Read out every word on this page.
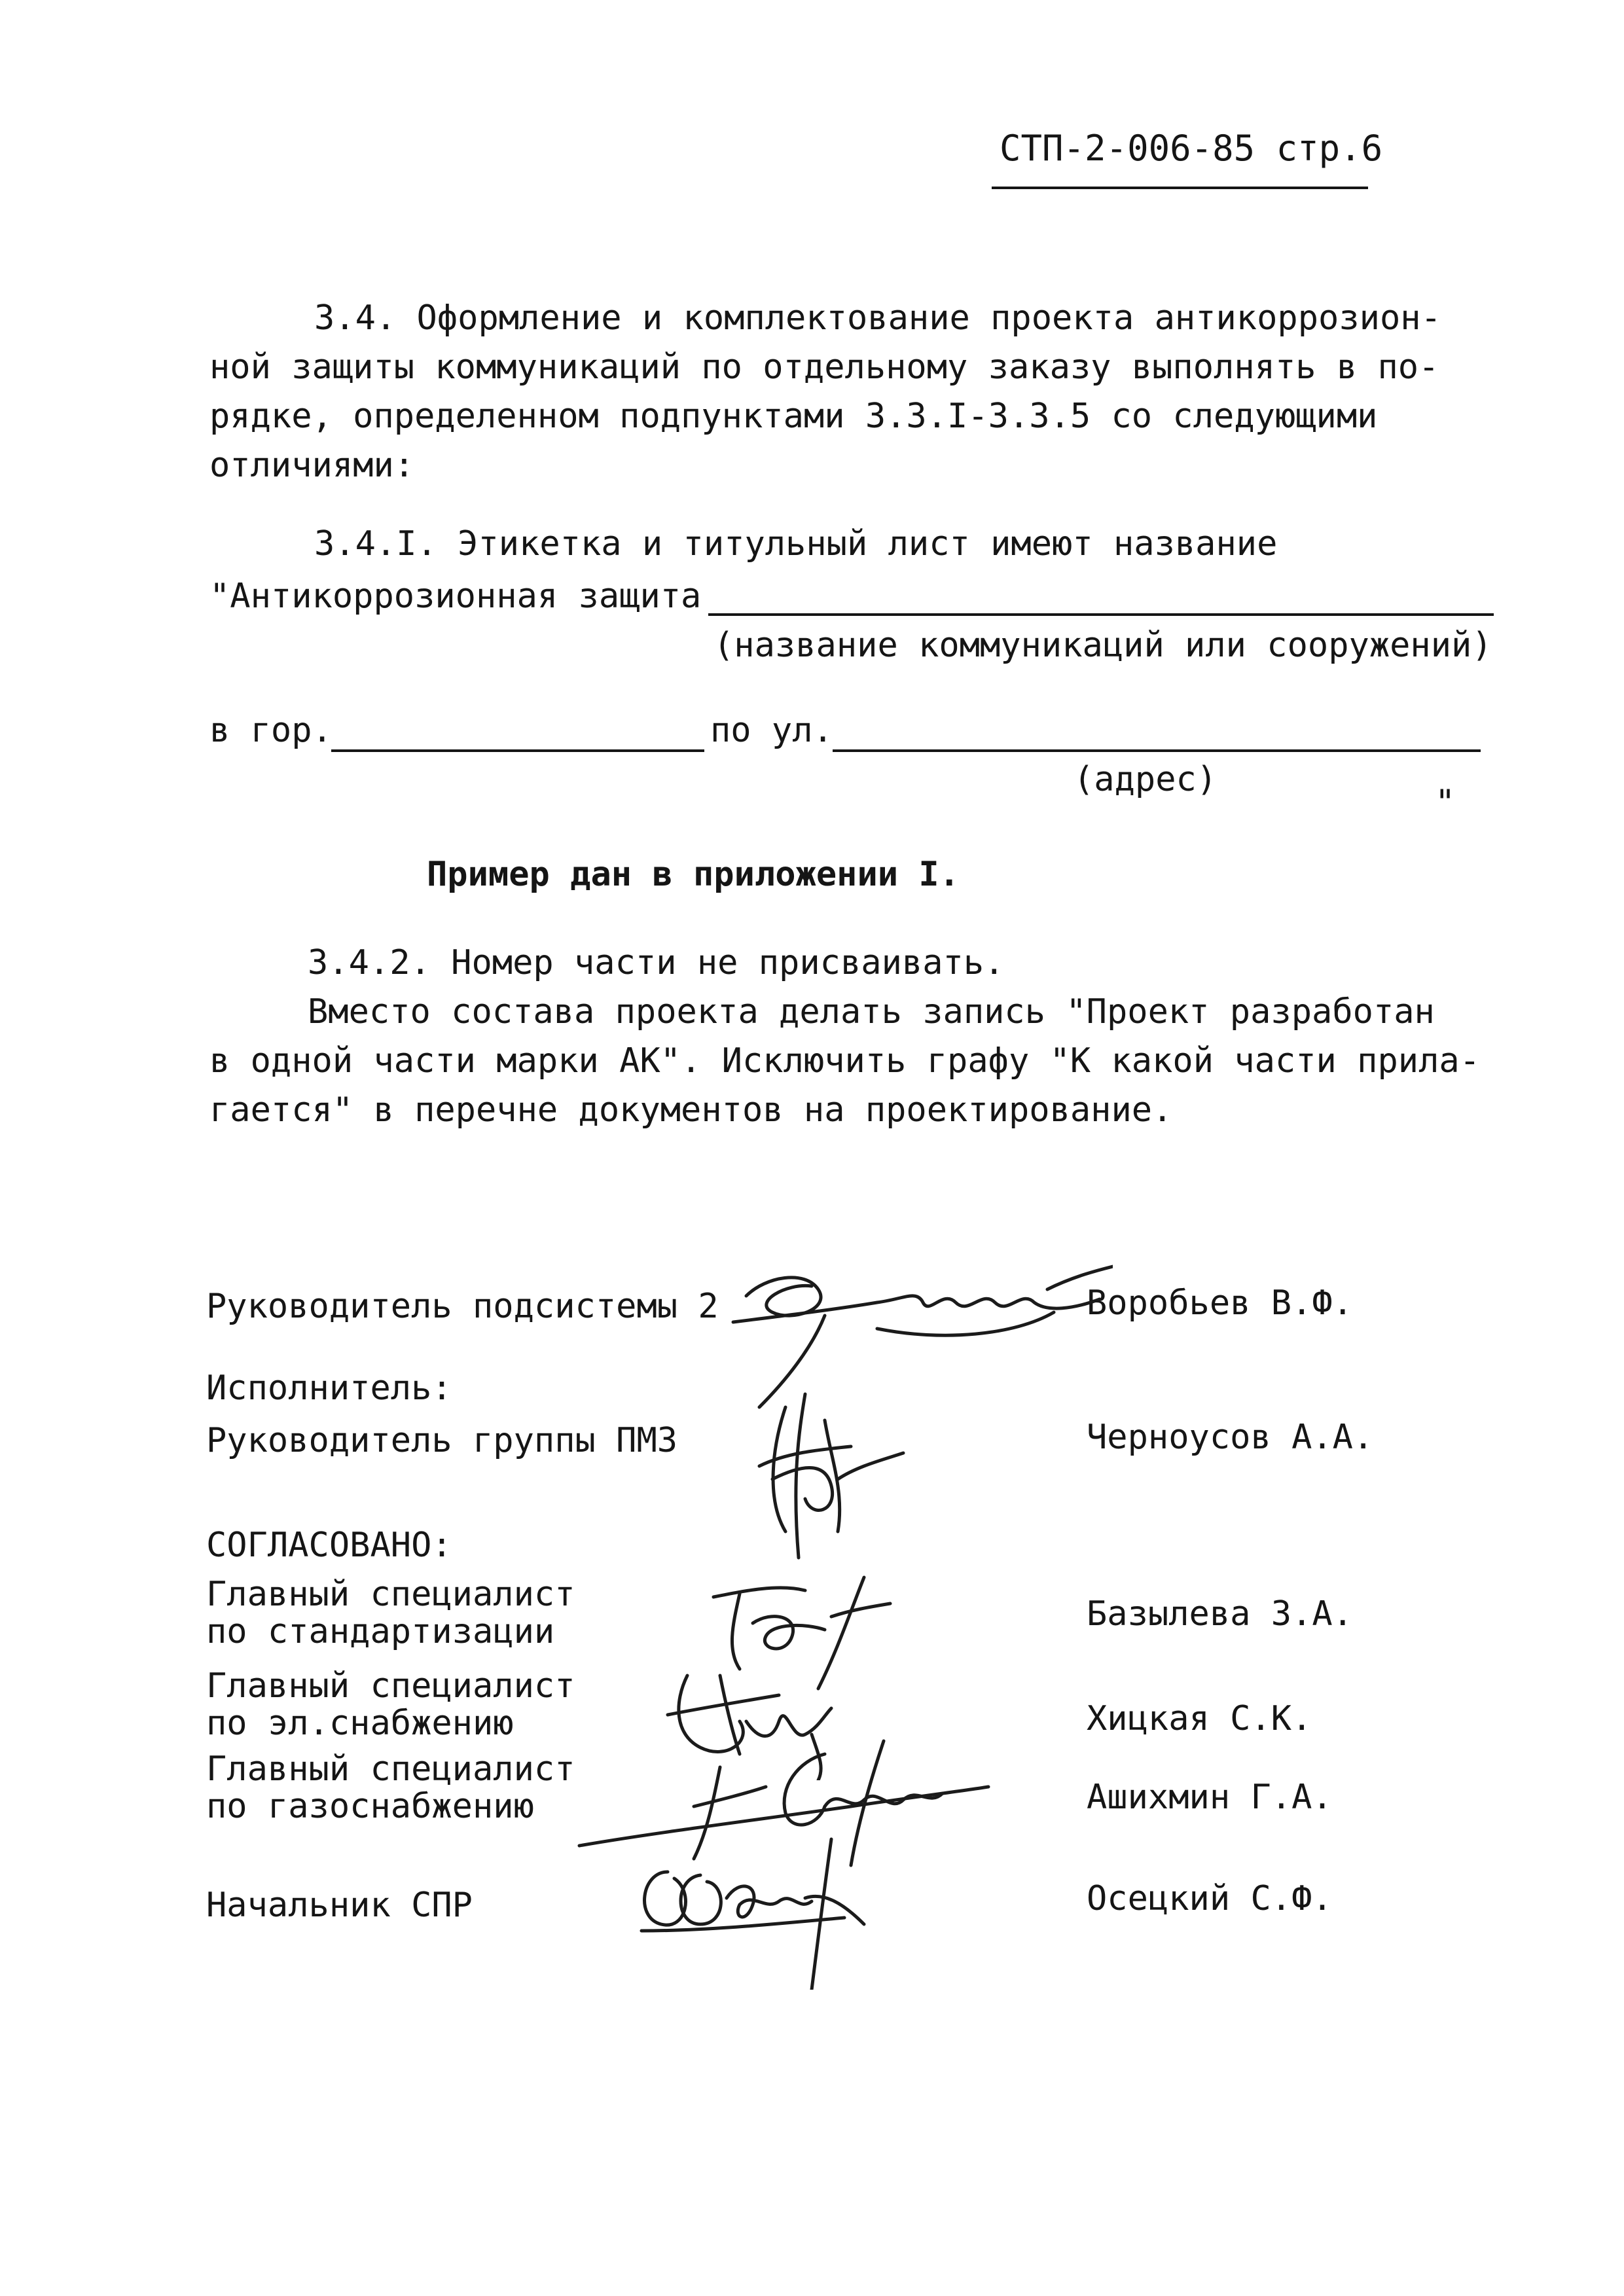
СТП-2-006-85 стр.6
3.4. Оформление и комплектование проекта антикоррозион-
ной защиты коммуникаций по отдельному заказу выполнять в по-
рядке, определенном подпунктами 3.3.I-3.3.5 со следующими
отличиями:
3.4.I. Этикетка и титульный лист имеют название
"Антикоррозионная защита
(название коммуникаций или сооружений)
в гор.	по ул.
(адрес)
"
Пример дан в приложении I.
3.4.2. Номер части не присваивать.
Вместо состава проекта делать запись "Проект разработан
в одной части марки АК". Исключить графу "К какой части прила-
гается" в перечне документов на проектирование.
Руководитель подсистемы 2
Исполнитель:
Руководитель группы ПМЗ
СОГЛАСОВАНО:
Главный специалист
по стандартизации
Главный специалист
по эл.снабжению
Главный специалист
по газоснабжению
Начальник СПР
Воробьев В.Ф.
Черноусов А.А.
Базылева З.А.
Хицкая С.К.
Ашихмин Г.А.
Осецкий С.Ф.
